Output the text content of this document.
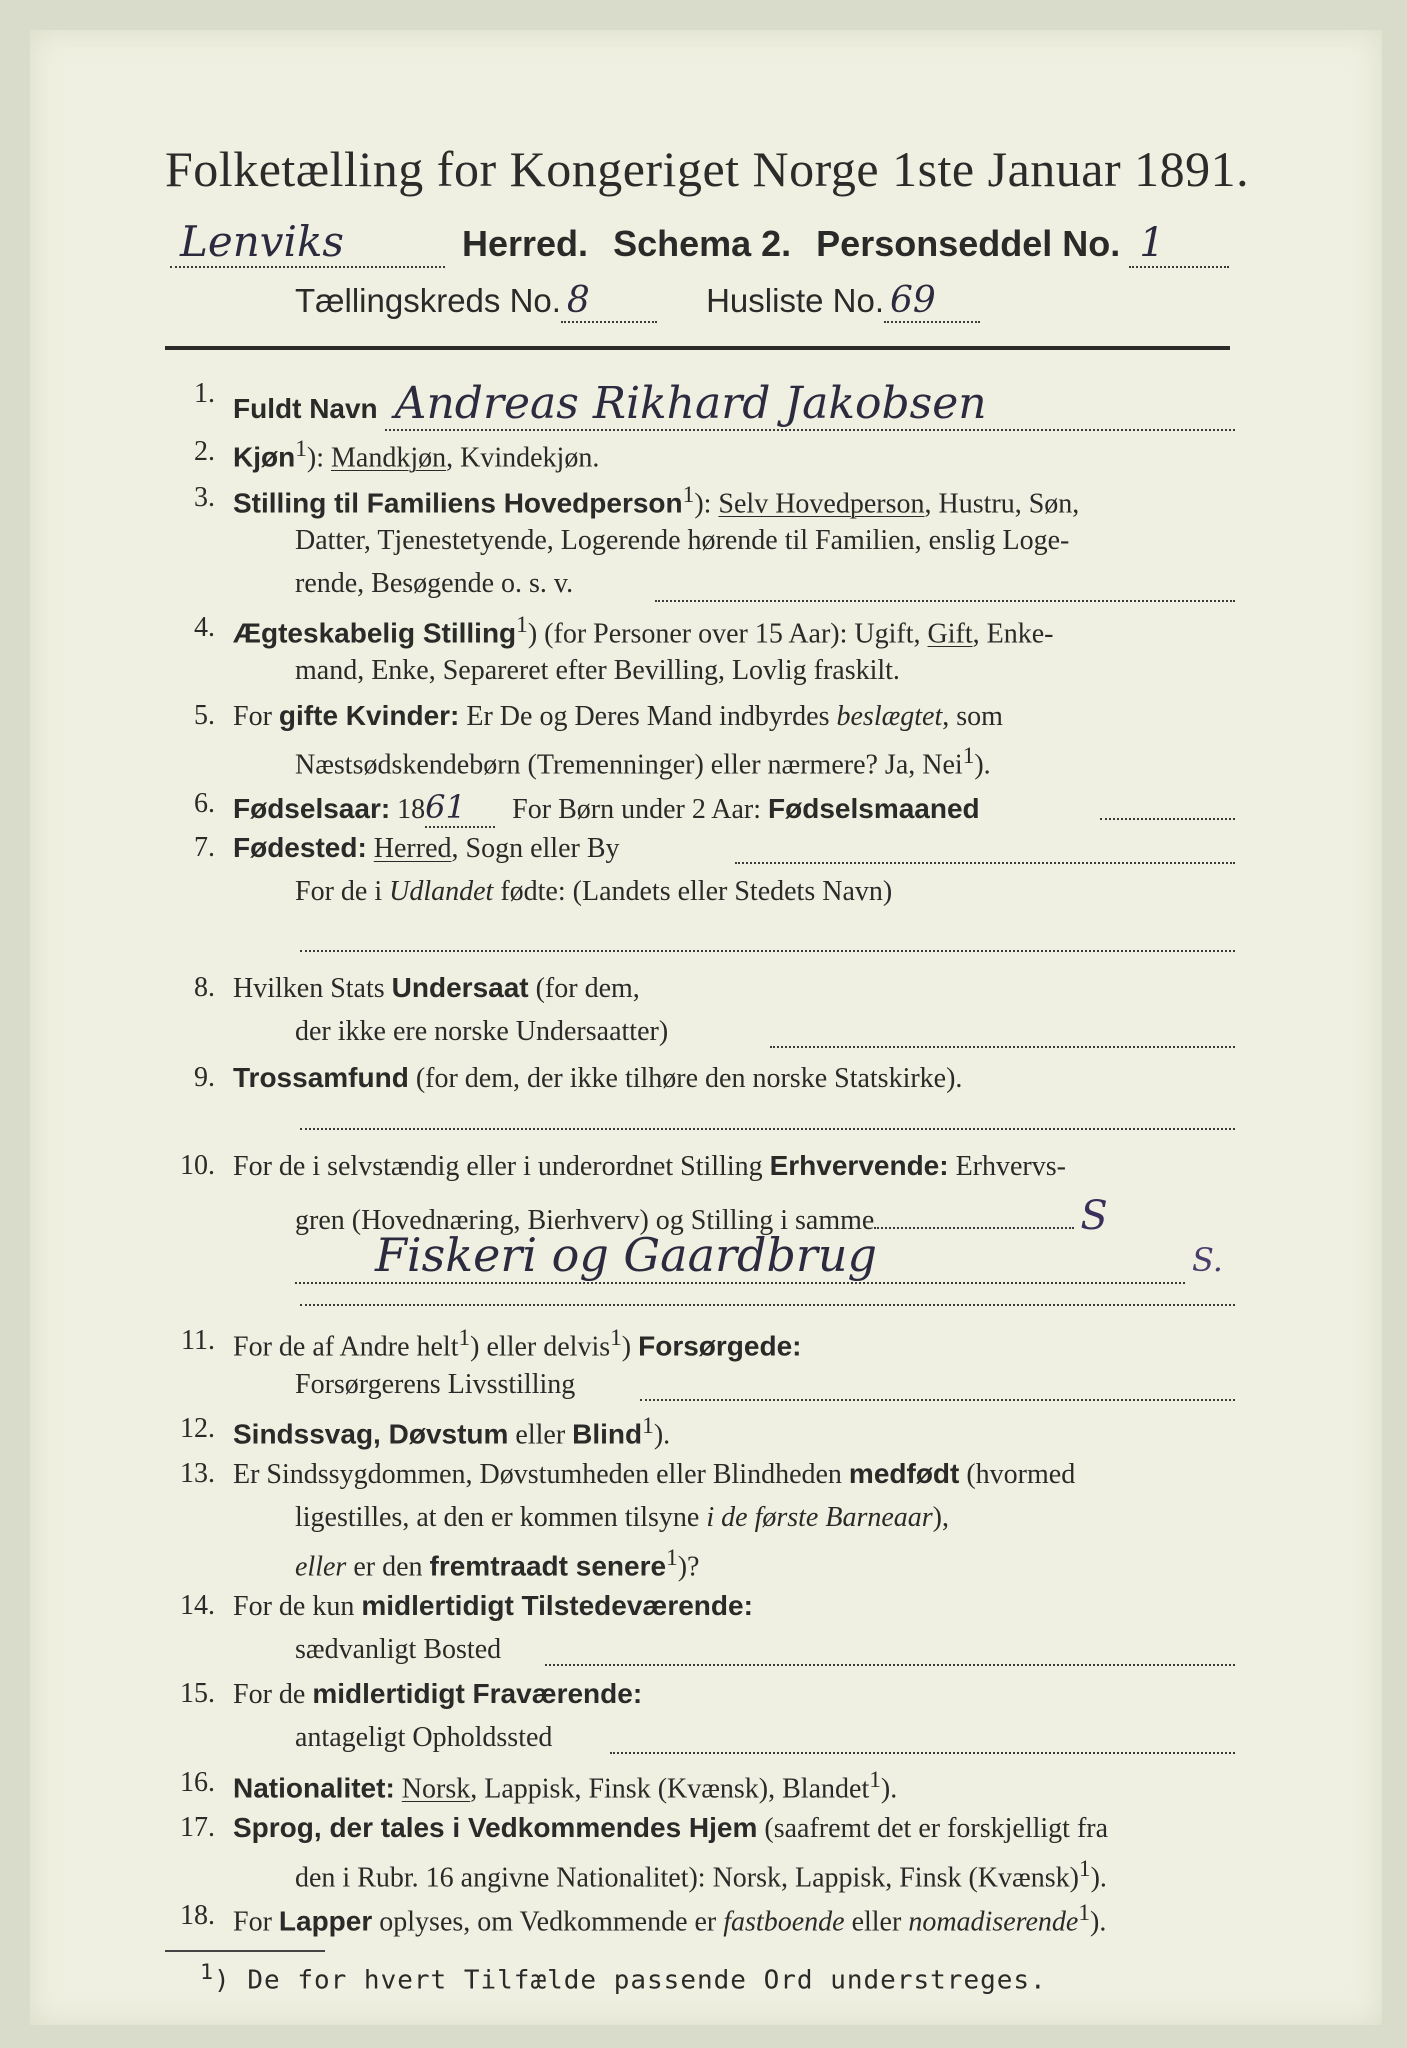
Folketælling for Kongeriget Norge 1ste Januar 1891.
Lenviks	Herred. Schema 2. Personseddel No. 1
Tællingskreds No. 8	Husliste No. 69
1. Fuldt Navn Andreas Rikhard Jakobsen
2. Kjøn$^1$): Mandkjøn, Kvindekjøn.
3. Stilling til Familiens Hovedperson$^1$): Selv Hovedperson, Hustru, Søn,
Datter, Tjenestetyende, Logerende hørende til Familien, enslig Loge-
rende, Besøgende o. s. v.
4. Ægteskabelig Stilling$^1$) (for Personer over 15 Aar): Ugift, Gift, Enke-
mand, Enke, Separeret efter Bevilling, Lovlig fraskilt.
5. For gifte Kvinder: Er De og Deres Mand indbyrdes beslægtet, som
Næstsødskendebørn (Tremenninger) eller nærmere? Ja, Nei$^1$).
6. Fødselsaar: 1861 For Børn under 2 Aar: Fødselsmaaned
7. Fødested: Herred, Sogn eller By
For de i Udlandet fødte: (Landets eller Stedets Navn)
8. Hvilken Stats Undersaat (for dem,
der ikke ere norske Undersaatter)
9. Trossamfund (for dem, der ikke tilhøre den norske Statskirke).
10. For de i selvstændig eller i underordnet Stilling Erhvervende: Erhvervs-
gren (Hovednæring, Bierhverv) og Stilling i samme	S
Fiskeri og Gaardbrug	S.
11. For de af Andre helt$^1$) eller delvis$^1$) Forsørgede:
Forsørgerens Livsstilling
12. Sindssvag, Døvstum eller Blind$^1$).
13. Er Sindssygdommen, Døvstumheden eller Blindheden medfødt (hvormed
ligestilles, at den er kommen tilsyne i de første Barneaar),
eller er den fremtraadt senere$^1$)?
14. For de kun midlertidigt Tilstedeværende:
sædvanligt Bosted
15. For de midlertidigt Fraværende:
antageligt Opholdssted
16. Nationalitet: Norsk, Lappisk, Finsk (Kvænsk), Blandet$^1$).
17. Sprog, der tales i Vedkommendes Hjem (saafremt det er forskjelligt fra
den i Rubr. 16 angivne Nationalitet): Norsk, Lappisk, Finsk (Kvænsk)$^1$).
18. For Lapper oplyses, om Vedkommende er fastboende eller nomadiserende$^1$).
$^1$) De for hvert Tilfælde passende Ord understreges.
